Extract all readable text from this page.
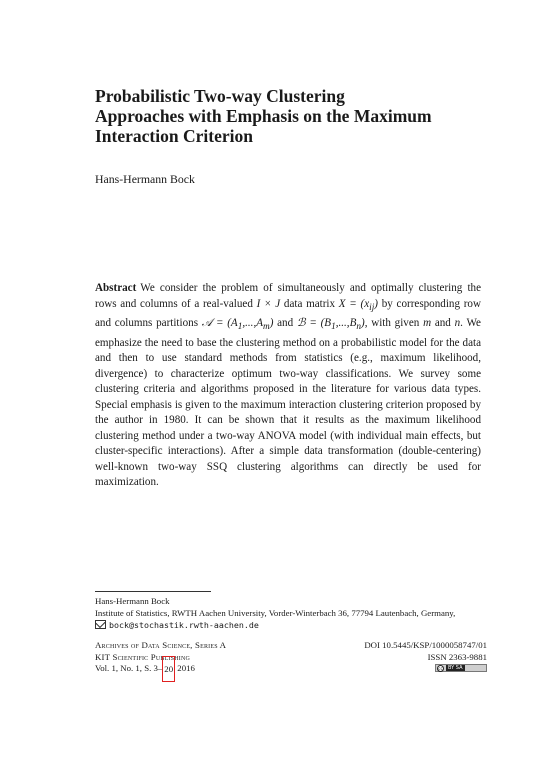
Probabilistic Two-way Clustering
Approaches with Emphasis on the Maximum
Interaction Criterion
Hans-Hermann Bock

Abstract We consider the problem of simultaneously and optimally clustering the rows and columns of a real-valued I × J data matrix $X = (x_{ij})$ by corresponding row and columns partitions 𝒜 = $(A_1,...,A_m)$ and ℬ = $(B_1,...,B_n)$, with given m and n. We emphasize the need to base the clustering method on a probabilistic model for the data and then to use standard methods from statistics (e.g., maximum likelihood, divergence) to characterize optimum two-way classifications. We survey some clustering criteria and algorithms proposed in the literature for various data types. Special emphasis is given to the maximum interaction clustering criterion proposed by the author in 1980. It can be shown that it results as the maximum likelihood clustering method under a two-way ANOVA model (with individual main effects, but cluster-specific interactions). After a simple data transformation (double-centering) well-known two-way SSQ clustering algorithms can directly be used for maximization.

Hans-Hermann Bock
Institute of Statistics, RWTH Aachen University, Vorder-Winterbach 36, 77794 Lautenbach, Germany,
bock@stochastik.rwth-aachen.de
Archives of Data Science, Series A	DOI 10.5445/KSP/1000058747/01
KIT Scientific Publishing	ISSN 2363-9881
Vol. 1, No. 1, S. 3– 20 2016	cc	BY SA
